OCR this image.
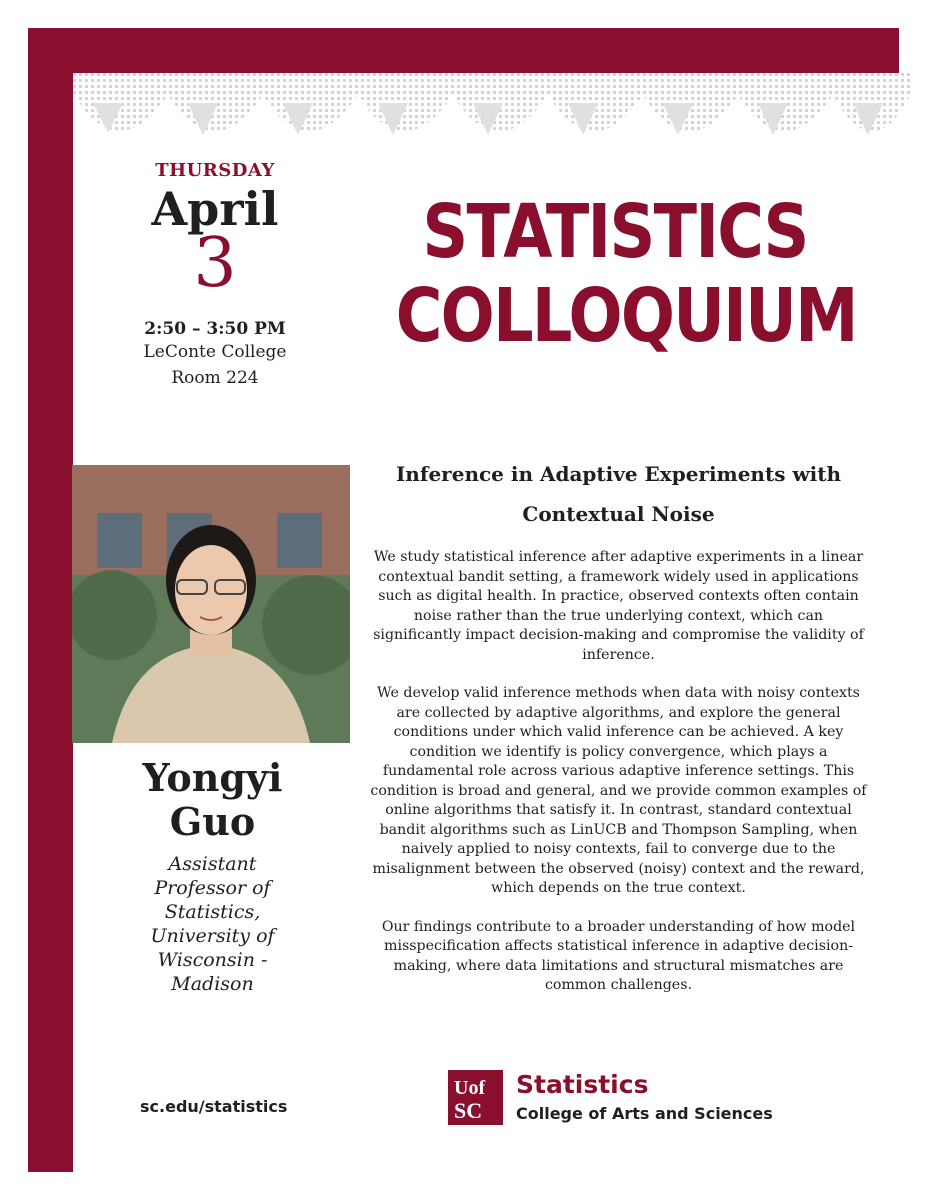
THURSDAY
April
3
2:50 – 3:50 PM
LeConte College
Room 224
STATISTICS
COLLOQUIUM
Yongyi
Guo
Assistant
Professor of
Statistics,
University of
Wisconsin -
Madison
Inference in Adaptive Experiments with
Contextual Noise

We study statistical inference after adaptive experiments in a linear contextual bandit setting, a framework widely used in applications such as digital health. In practice, observed contexts often contain noise rather than the true underlying context, which can significantly impact decision-making and compromise the validity of inference.

We develop valid inference methods when data with noisy contexts are collected by adaptive algorithms, and explore the general conditions under which valid inference can be achieved. A key condition we identify is policy convergence, which plays a fundamental role across various adaptive inference settings. This condition is broad and general, and we provide common examples of online algorithms that satisfy it. In contrast, standard contextual bandit algorithms such as LinUCB and Thompson Sampling, when naively applied to noisy contexts, fail to converge due to the misalignment between the observed (noisy) context and the reward, which depends on the true context.

Our findings contribute to a broader understanding of how model misspecification affects statistical inference in adaptive decision-making, where data limitations and structural mismatches are common challenges.

sc.edu/statistics
Uof
SC
Statistics
College of Arts and Sciences
